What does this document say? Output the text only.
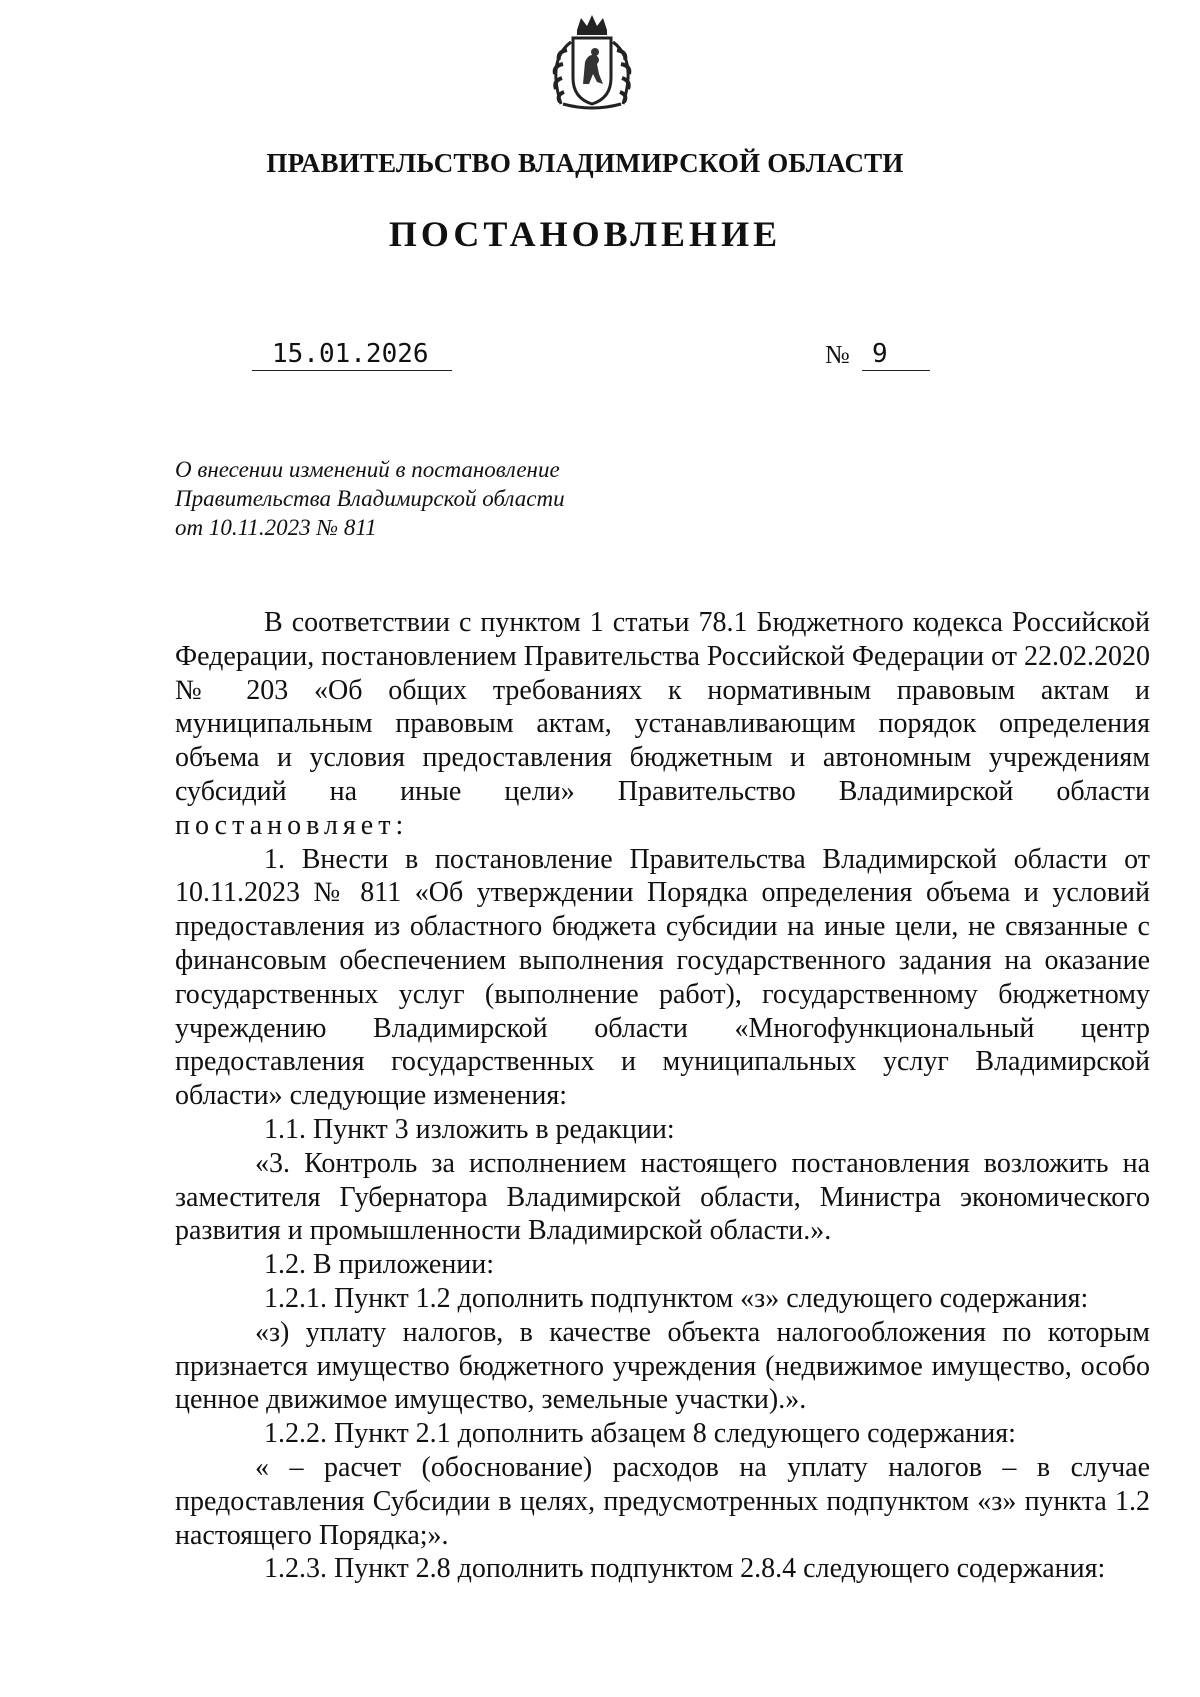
ПРАВИТЕЛЬСТВО ВЛАДИМИРСКОЙ ОБЛАСТИ
ПОСТАНОВЛЕНИЕ
15.01.2026	№ 9
О внесении изменений в постановление
Правительства Владимирской области
от 10.11.2023 № 811

В соответствии с пунктом 1 статьи 78.1 Бюджетного кодекса Российской Федерации, постановлением Правительства Российской Федерации от 22.02.2020 № 203 «Об общих требованиях к нормативным правовым актам и муниципальным правовым актам, устанавливающим порядок определения объема и условия предоставления бюджетным и автономным учреждениям субсидий на иные цели» Правительство Владимирской области постановляет:

1. Внести в постановление Правительства Владимирской области от 10.11.2023 № 811 «Об утверждении Порядка определения объема и условий предоставления из областного бюджета субсидии на иные цели, не связанные с финансовым обеспечением выполнения государственного задания на оказание государственных услуг (выполнение работ), государственному бюджетному учреждению Владимирской области «Многофункциональный центр предоставления государственных и муниципальных услуг Владимирской области» следующие изменения:

1.1. Пункт 3 изложить в редакции:

«3. Контроль за исполнением настоящего постановления возложить на заместителя Губернатора Владимирской области, Министра экономического развития и промышленности Владимирской области.».

1.2. В приложении:

1.2.1. Пункт 1.2 дополнить подпунктом «з» следующего содержания:

«з) уплату налогов, в качестве объекта налогообложения по которым признается имущество бюджетного учреждения (недвижимое имущество, особо ценное движимое имущество, земельные участки).».

1.2.2. Пункт 2.1 дополнить абзацем 8 следующего содержания:

« – расчет (обоснование) расходов на уплату налогов – в случае предоставления Субсидии в целях, предусмотренных подпунктом «з» пункта 1.2 настоящего Порядка;».

1.2.3. Пункт 2.8 дополнить подпунктом 2.8.4 следующего содержания:
